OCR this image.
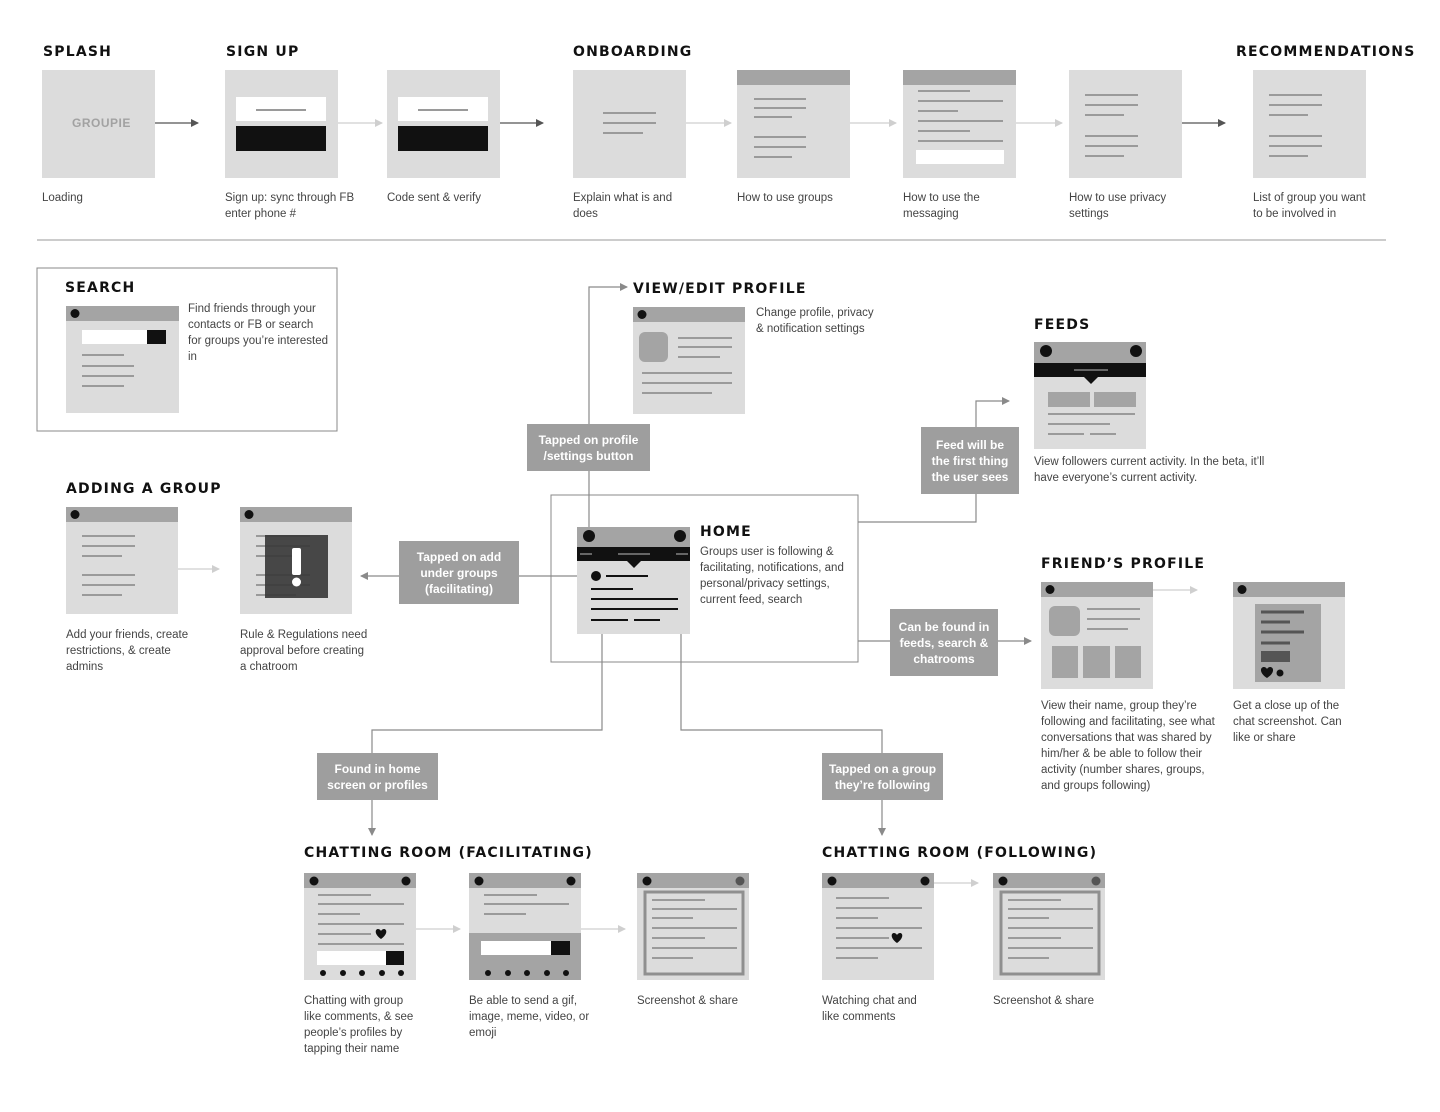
SPLASH	SIGN UP	ONBOARDING	RECOMMENDATIONS
SEARCH	VIEW/EDIT PROFILE
FEEDS
ADDING A GROUP
HOME
FRIEND’S PROFILE
CHATTING ROOM (FACILITATING)	CHATTING ROOM (FOLLOWING)
GROUPIE
Loading	Sign up: sync through FB enter phone #
Code sent & verify	Explain what is and does
How to use groups	How to use the messaging
How to use privacy settings
List of group you want to be involved in
Find friends through your contacts or FB or search for groups you’re interested in
Change profile, privacy & notification settings
View followers current activity. In the beta, it’ll have everyone’s current activity.
Groups user is following & facilitating, notifications, and personal/privacy settings, current feed, search
Add your friends, create restrictions, & create admins
Rule & Regulations need approval before creating a chatroom
View their name, group they’re following and facilitating, see what conversations that was shared by him/her & be able to follow their activity (number shares, groups, and groups following)
Get a close up of the chat screenshot. Can like or share
Chatting with group like comments, & see people’s profiles by tapping their name
Be able to send a gif, image, meme, video, or emoji
Screenshot & share	Watching chat and like comments
Screenshot & share
Tapped on profile /settings button
Feed will be the first thing the user sees
Tapped on add under groups (facilitating)
Can be found in feeds, search & chatrooms
Found in home screen or profiles
Tapped on a group they’re following
